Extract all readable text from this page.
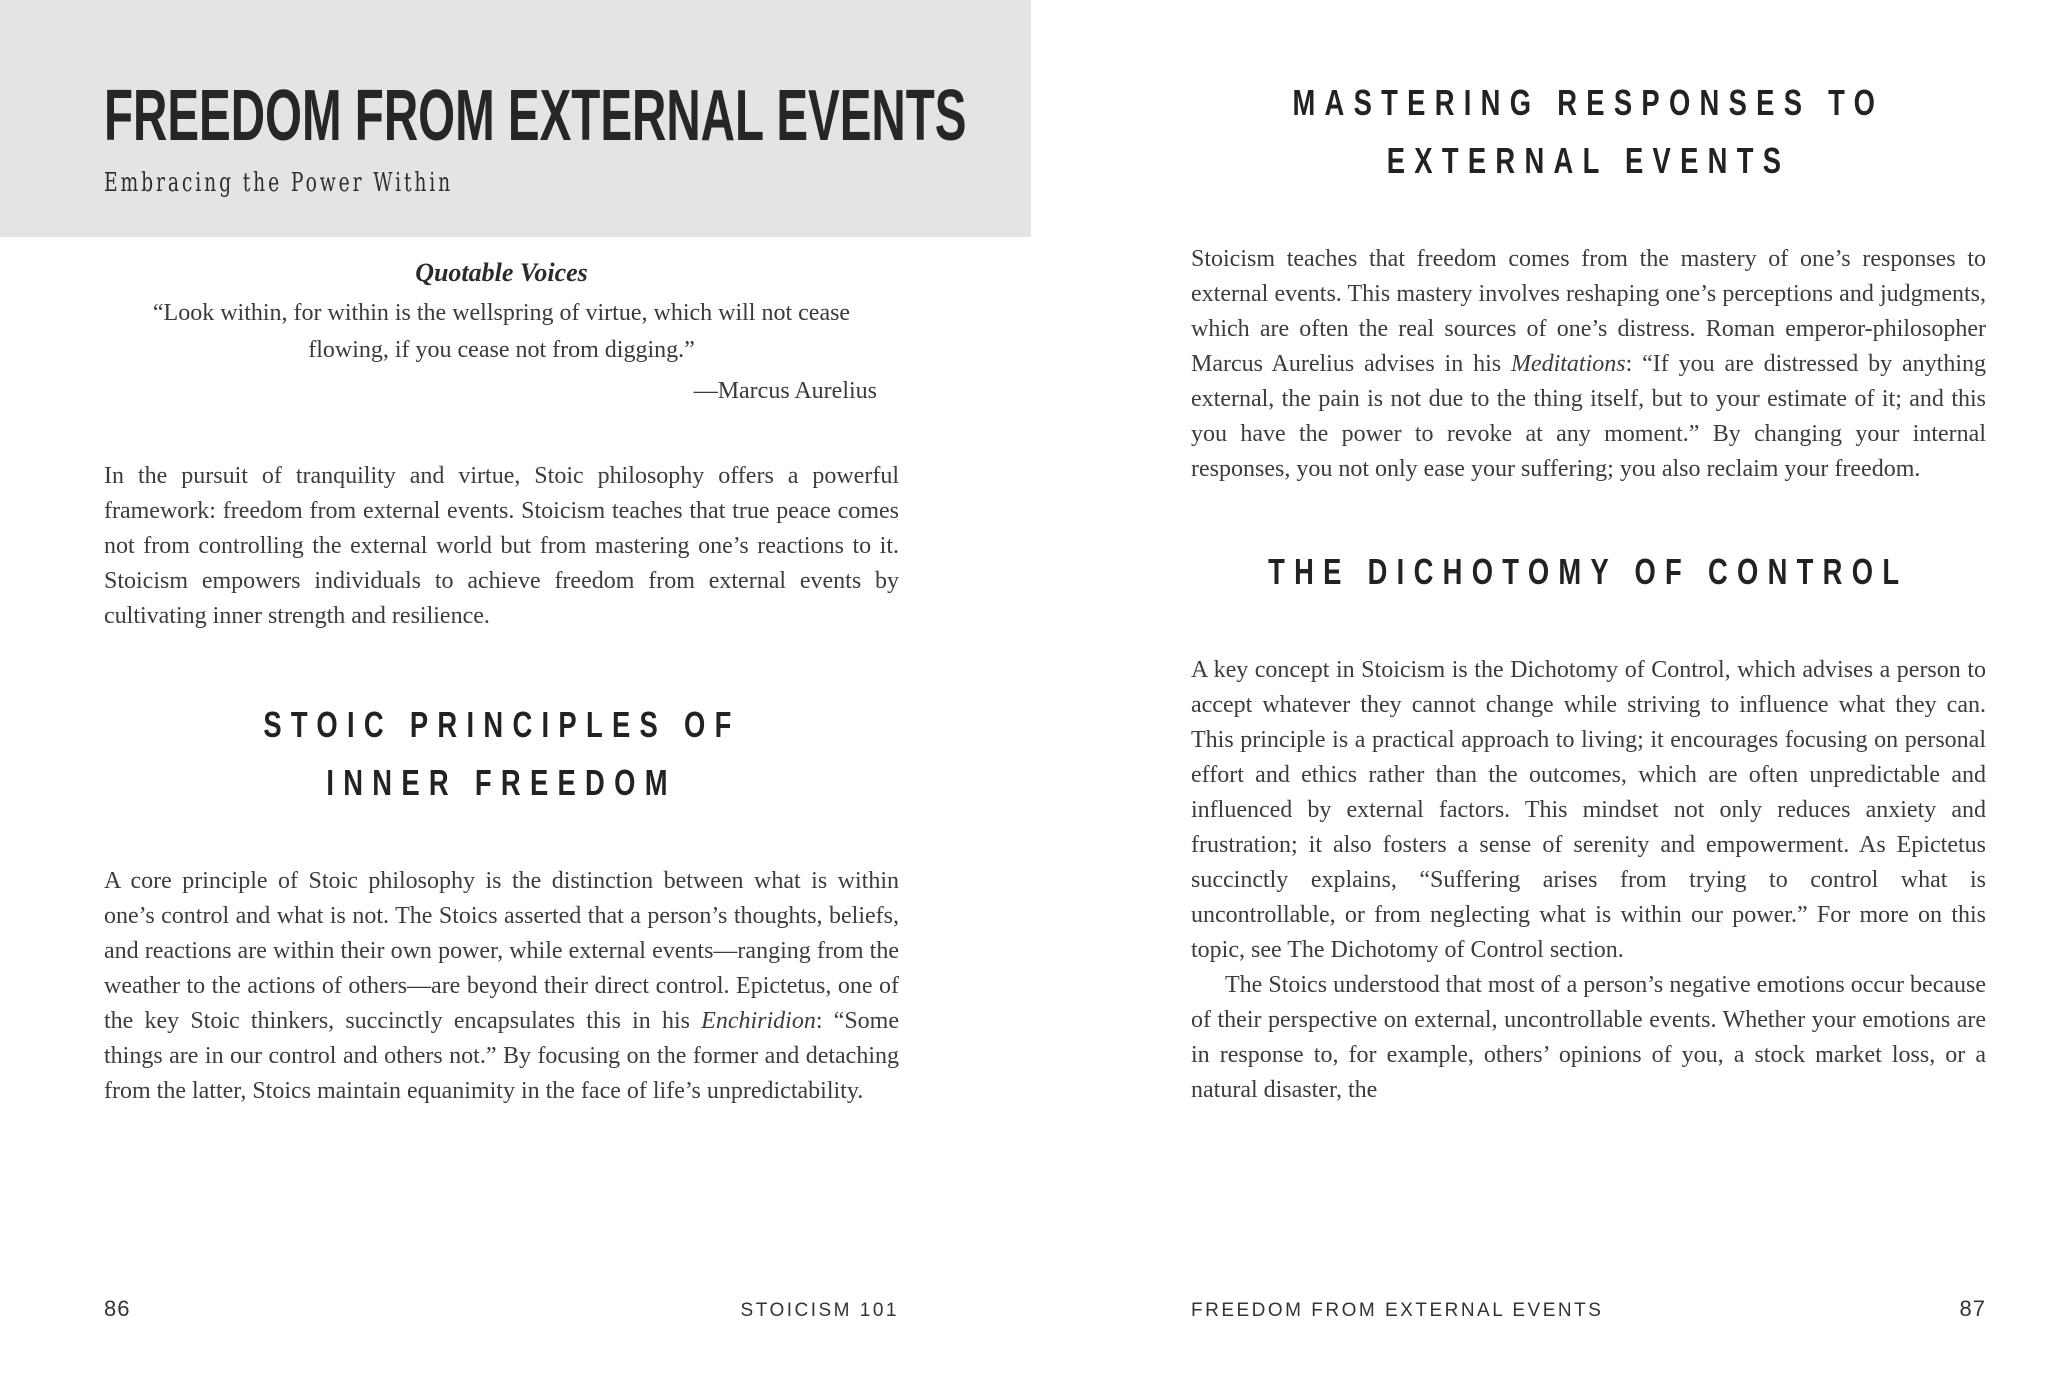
FREEDOM FROM EXTERNAL EVENTS
Embracing the Power Within
Quotable Voices
“Look within, for within is the wellspring of virtue, which will not cease flowing, if you cease not from digging.”
—Marcus Aurelius

In the pursuit of tranquility and virtue, Stoic philosophy offers a powerful framework: freedom from external events. Stoicism teaches that true peace comes not from controlling the external world but from mastering one’s reactions to it. Stoicism empowers individuals to achieve freedom from external events by cultivating inner strength and resilience.

STOIC PRINCIPLES OF
INNER FREEDOM

A core principle of Stoic philosophy is the distinction between what is within one’s control and what is not. The Stoics asserted that a person’s thoughts, beliefs, and reactions are within their own power, while external events—ranging from the weather to the actions of others—are beyond their direct control. Epictetus, one of the key Stoic thinkers, succinctly encapsulates this in his Enchiridion: “Some things are in our control and others not.” By focusing on the former and detaching from the latter, Stoics maintain equanimity in the face of life’s unpredictability.

86	STOICISM 101
MASTERING RESPONSES TO
EXTERNAL EVENTS

Stoicism teaches that freedom comes from the mastery of one’s responses to external events. This mastery involves reshaping one’s perceptions and judgments, which are often the real sources of one’s distress. Roman emperor-philosopher Marcus Aurelius advises in his Meditations: “If you are distressed by anything external, the pain is not due to the thing itself, but to your estimate of it; and this you have the power to revoke at any moment.” By changing your internal responses, you not only ease your suffering; you also reclaim your freedom.

THE DICHOTOMY OF CONTROL

A key concept in Stoicism is the Dichotomy of Control, which advises a person to accept whatever they cannot change while striving to influence what they can. This principle is a practical approach to living; it encourages focusing on personal effort and ethics rather than the outcomes, which are often unpredictable and influenced by external factors. This mindset not only reduces anxiety and frustration; it also fosters a sense of serenity and empowerment. As Epictetus succinctly explains, “Suffering arises from trying to control what is uncontrollable, or from neglecting what is within our power.” For more on this topic, see The Dichotomy of Control section.

The Stoics understood that most of a person’s negative emotions occur because of their perspective on external, uncontrollable events. Whether your emotions are in response to, for example, others’ opinions of you, a stock market loss, or a natural disaster, the

FREEDOM FROM EXTERNAL EVENTS	87
